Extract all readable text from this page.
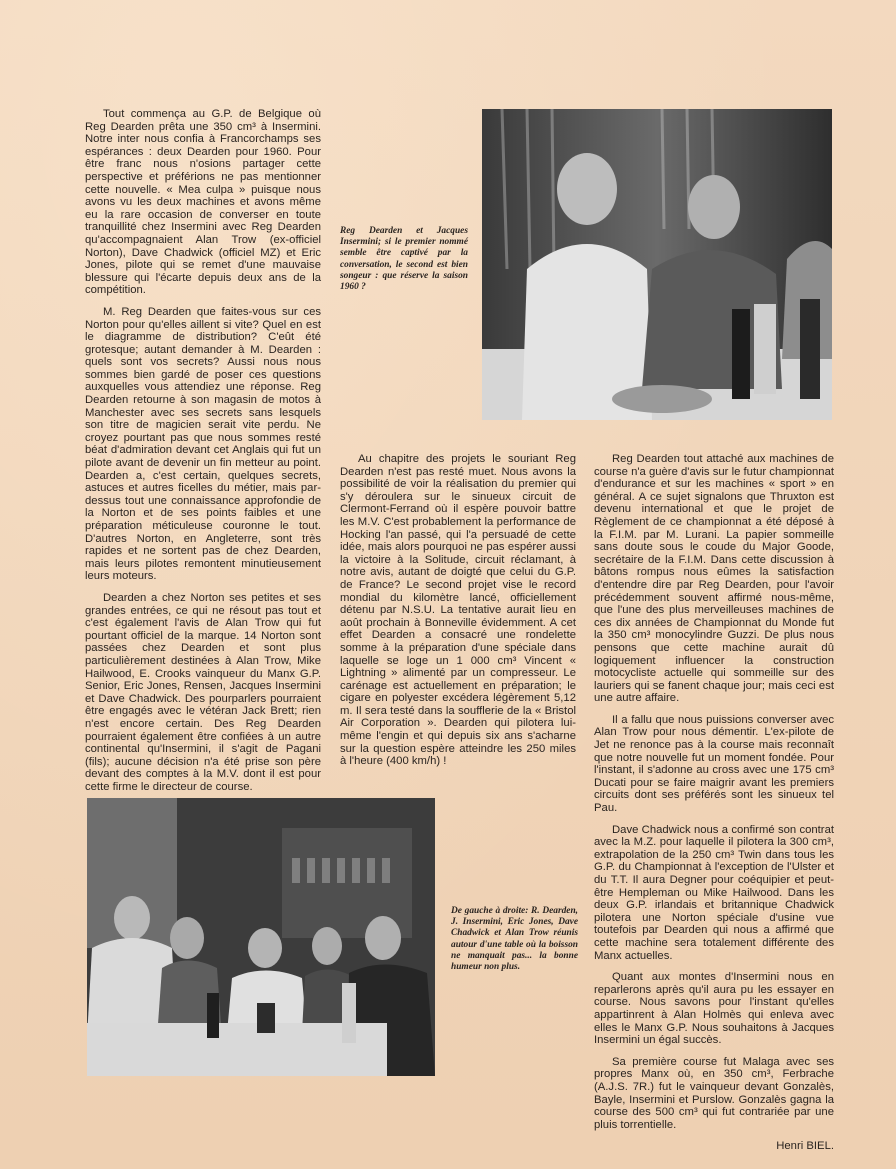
Tout commença au G.P. de Belgique où Reg Dearden prêta une 350 cm³ à Insermini. Notre inter nous confia à Francorchamps ses espérances : deux Dearden pour 1960. Pour être franc nous n'osions partager cette perspective et préférions ne pas mentionner cette nouvelle. « Mea culpa » puisque nous avons vu les deux machines et avons même eu la rare occasion de converser en toute tranquillité chez Insermini avec Reg Dearden qu'accompagnaient Alan Trow (ex-officiel Norton), Dave Chadwick (officiel MZ) et Eric Jones, pilote qui se remet d'une mauvaise blessure qui l'écarte depuis deux ans de la compétition.

M. Reg Dearden que faites-vous sur ces Norton pour qu'elles aillent si vite? Quel en est le diagramme de distribution? C'eût été grotesque; autant demander à M. Dearden : quels sont vos secrets? Aussi nous nous sommes bien gardé de poser ces questions auxquelles vous attendiez une réponse. Reg Dearden retourne à son magasin de motos à Manchester avec ses secrets sans lesquels son titre de magicien serait vite perdu. Ne croyez pourtant pas que nous sommes resté béat d'admiration devant cet Anglais qui fut un pilote avant de devenir un fin metteur au point. Dearden a, c'est certain, quelques secrets, astuces et autres ficelles du métier, mais par-dessus tout une connaissance approfondie de la Norton et de ses points faibles et une préparation méticuleuse couronne le tout. D'autres Norton, en Angleterre, sont très rapides et ne sortent pas de chez Dearden, mais leurs pilotes remontent minutieusement leurs moteurs.

Dearden a chez Norton ses petites et ses grandes entrées, ce qui ne résout pas tout et c'est également l'avis de Alan Trow qui fut pourtant officiel de la marque. 14 Norton sont passées chez Dearden et sont plus particulièrement destinées à Alan Trow, Mike Hailwood, E. Crooks vainqueur du Manx G.P. Senior, Eric Jones, Rensen, Jacques Insermini et Dave Chadwick. Des pourparlers pourraient être engagés avec le vétéran Jack Brett; rien n'est encore certain. Des Reg Dearden pourraient également être confiées à un autre continental qu'Insermini, il s'agit de Pagani (fils); aucune décision n'a été prise son père devant des comptes à la M.V. dont il est pour cette firme le directeur de course.

Reg Dearden et Jacques Insermini; si le premier nommé semble être captivé par la conversation, le second est bien songeur : que réserve la saison 1960 ?

Au chapitre des projets le souriant Reg Dearden n'est pas resté muet. Nous avons la possibilité de voir la réalisation du premier qui s'y déroulera sur le sinueux circuit de Clermont-Ferrand où il espère pouvoir battre les M.V. C'est probablement la performance de Hocking l'an passé, qui l'a persuadé de cette idée, mais alors pourquoi ne pas espérer aussi la victoire à la Solitude, circuit réclamant, à notre avis, autant de doigté que celui du G.P. de France? Le second projet vise le record mondial du kilomètre lancé, officiellement détenu par N.S.U. La tentative aurait lieu en août prochain à Bonneville évidemment. A cet effet Dearden a consacré une rondelette somme à la préparation d'une spéciale dans laquelle se loge un 1 000 cm³ Vincent « Lightning » alimenté par un compresseur. Le carénage est actuellement en préparation; le cigare en polyester excédera légèrement 5,12 m. Il sera testé dans la soufflerie de la « Bristol Air Corporation ». Dearden qui pilotera lui-même l'engin et qui depuis six ans s'acharne sur la question espère atteindre les 250 miles à l'heure (400 km/h) !

Reg Dearden tout attaché aux machines de course n'a guère d'avis sur le futur championnat d'endurance et sur les machines « sport » en général. A ce sujet signalons que Thruxton est devenu international et que le projet de Règlement de ce championnat a été déposé à la F.I.M. par M. Lurani. La papier sommeille sans doute sous le coude du Major Goode, secrétaire de la F.I.M. Dans cette discussion à bâtons rompus nous eûmes la satisfaction d'entendre dire par Reg Dearden, pour l'avoir précédemment souvent affirmé nous-même, que l'une des plus merveilleuses machines de ces dix années de Championnat du Monde fut la 350 cm³ monocylindre Guzzi. De plus nous pensons que cette machine aurait dû logiquement influencer la construction motocycliste actuelle qui sommeille sur des lauriers qui se fanent chaque jour; mais ceci est une autre affaire.

Il a fallu que nous puissions converser avec Alan Trow pour nous démentir. L'ex-pilote de Jet ne renonce pas à la course mais reconnaît que notre nouvelle fut un moment fondée. Pour l'instant, il s'adonne au cross avec une 175 cm³ Ducati pour se faire maigrir avant les premiers circuits dont ses préférés sont les sinueux tel Pau.

Dave Chadwick nous a confirmé son contrat avec la M.Z. pour laquelle il pilotera la 300 cm³, extrapolation de la 250 cm³ Twin dans tous les G.P. du Championnat à l'exception de l'Ulster et du T.T. Il aura Degner pour coéquipier et peut-être Hempleman ou Mike Hailwood. Dans les deux G.P. irlandais et britannique Chadwick pilotera une Norton spéciale d'usine vue toutefois par Dearden qui nous a affirmé que cette machine sera totalement différente des Manx actuelles.

Quant aux montes d'Insermini nous en reparlerons après qu'il aura pu les essayer en course. Nous savons pour l'instant qu'elles appartinrent à Alan Holmès qui enleva avec elles le Manx G.P. Nous souhaitons à Jacques Insermini un égal succès.

Sa première course fut Malaga avec ses propres Manx où, en 350 cm³, Ferbrache (A.J.S. 7R.) fut le vainqueur devant Gonzalès, Bayle, Insermini et Purslow. Gonzalès gagna la course des 500 cm³ qui fut contrariée par une pluis torrentielle.

Henri BIEL.

De gauche à droite: R. Dearden, J. Insermini, Eric Jones, Dave Chadwick et Alan Trow réunis autour d'une table où la boisson ne manquait pas... la bonne humeur non plus.
